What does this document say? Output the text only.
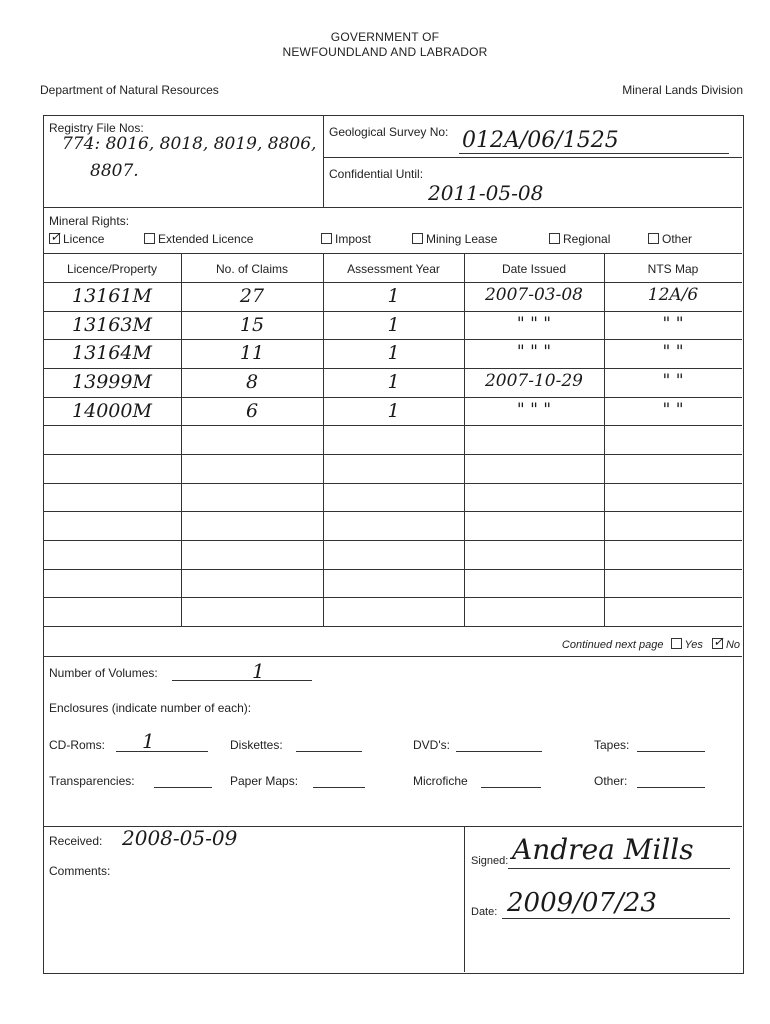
GOVERNMENT OF
NEWFOUNDLAND AND LABRADOR
Department of Natural Resources	Mineral Lands Division
Registry File Nos:
774: 8016, 8018, 8019, 8806,
8807.
Geological Survey No: 012A/06/1525
Confidential Until:
2011-05-08
Mineral Rights:
✓ Licence	Extended Licence	Impost	Mining Lease	Regional	Other
Licence/Property	No. of Claims	Assessment Year	Date Issued	NTS Map
13161M	27	1	2007-03-08	12A/6
13163M	15	1	" " "	" "
13164M	11	1	" " "	" "
13999M	8	1	2007-10-29	" "
14000M	6	1	" " "	" "
Continued next page Yes ✓ No
Number of Volumes:	1
Enclosures (indicate number of each):
CD-Roms: 1	Diskettes:	DVD's:	Tapes:
Transparencies:	Paper Maps:	Microfiche	Other:
Received: 2008-05-09
Comments:
Signed: Andrea Mills
Date: 2009/07/23
